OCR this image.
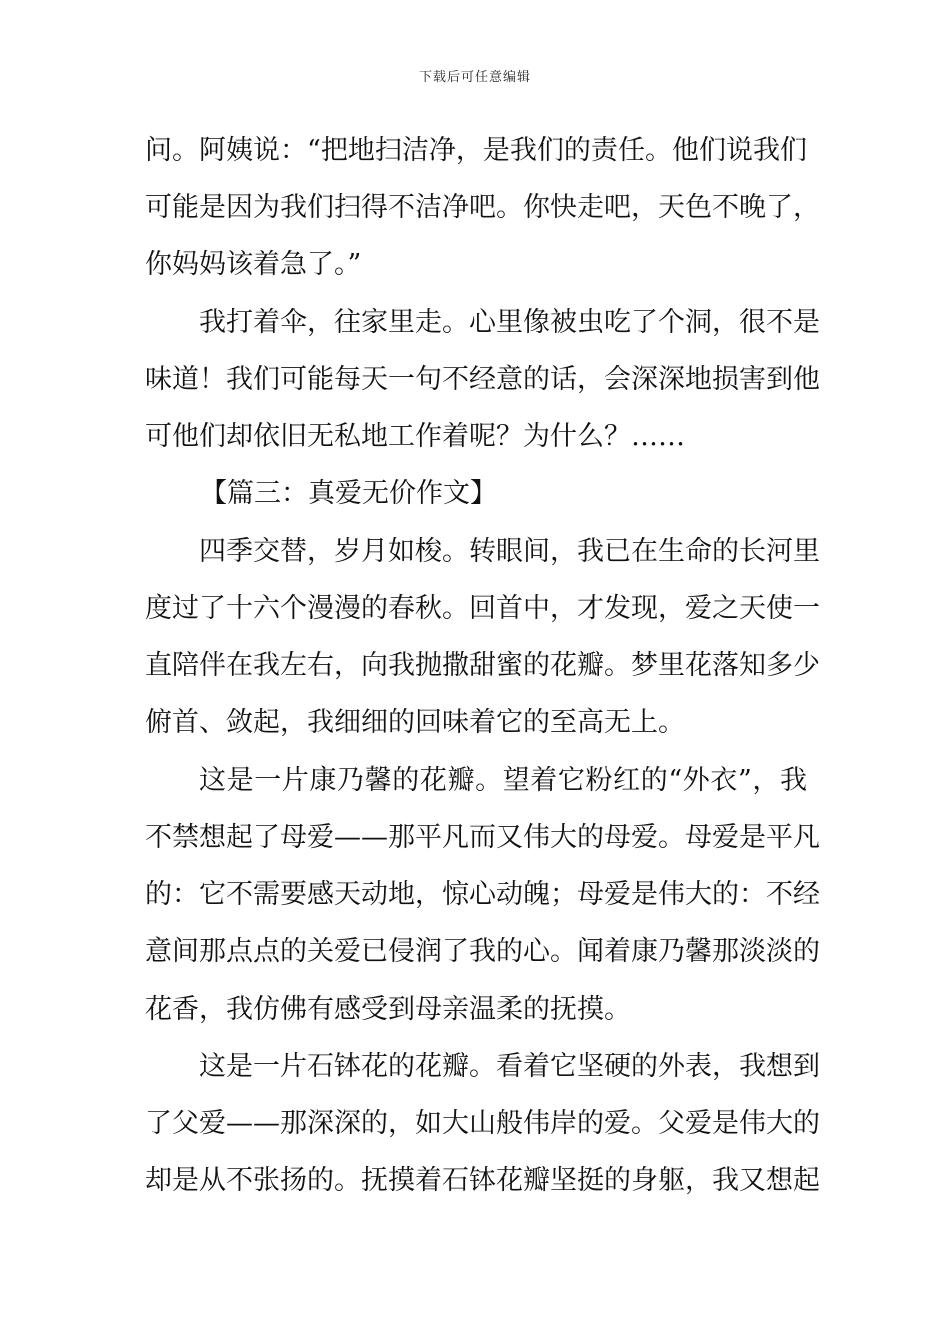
下载后可任意编辑
问。阿姨说：“把地扫洁净，是我们的责任。他们说我们
可能是因为我们扫得不洁净吧。你快走吧，天色不晚了，
你妈妈该着急了。”
我打着伞，往家里走。心里像被虫吃了个洞，很不是
味道！我们可能每天一句不经意的话，会深深地损害到他
可他们却依旧无私地工作着呢？为什么？……
【篇三：真爱无价作文】
四季交替，岁月如梭。转眼间，我已在生命的长河里
度过了十六个漫漫的春秋。回首中，才发现，爱之天使一
直陪伴在我左右，向我抛撒甜蜜的花瓣。梦里花落知多少
俯首、敛起，我细细的回味着它的至高无上。
这是一片康乃馨的花瓣。望着它粉红的“外衣”，我
不禁想起了母爱——那平凡而又伟大的母爱。母爱是平凡
的：它不需要感天动地，惊心动魄；母爱是伟大的：不经
意间那点点的关爱已侵润了我的心。闻着康乃馨那淡淡的
花香，我仿佛有感受到母亲温柔的抚摸。
这是一片石钵花的花瓣。看着它坚硬的外表，我想到
了父爱——那深深的，如大山般伟岸的爱。父爱是伟大的
却是从不张扬的。抚摸着石钵花瓣坚挺的身躯，我又想起
